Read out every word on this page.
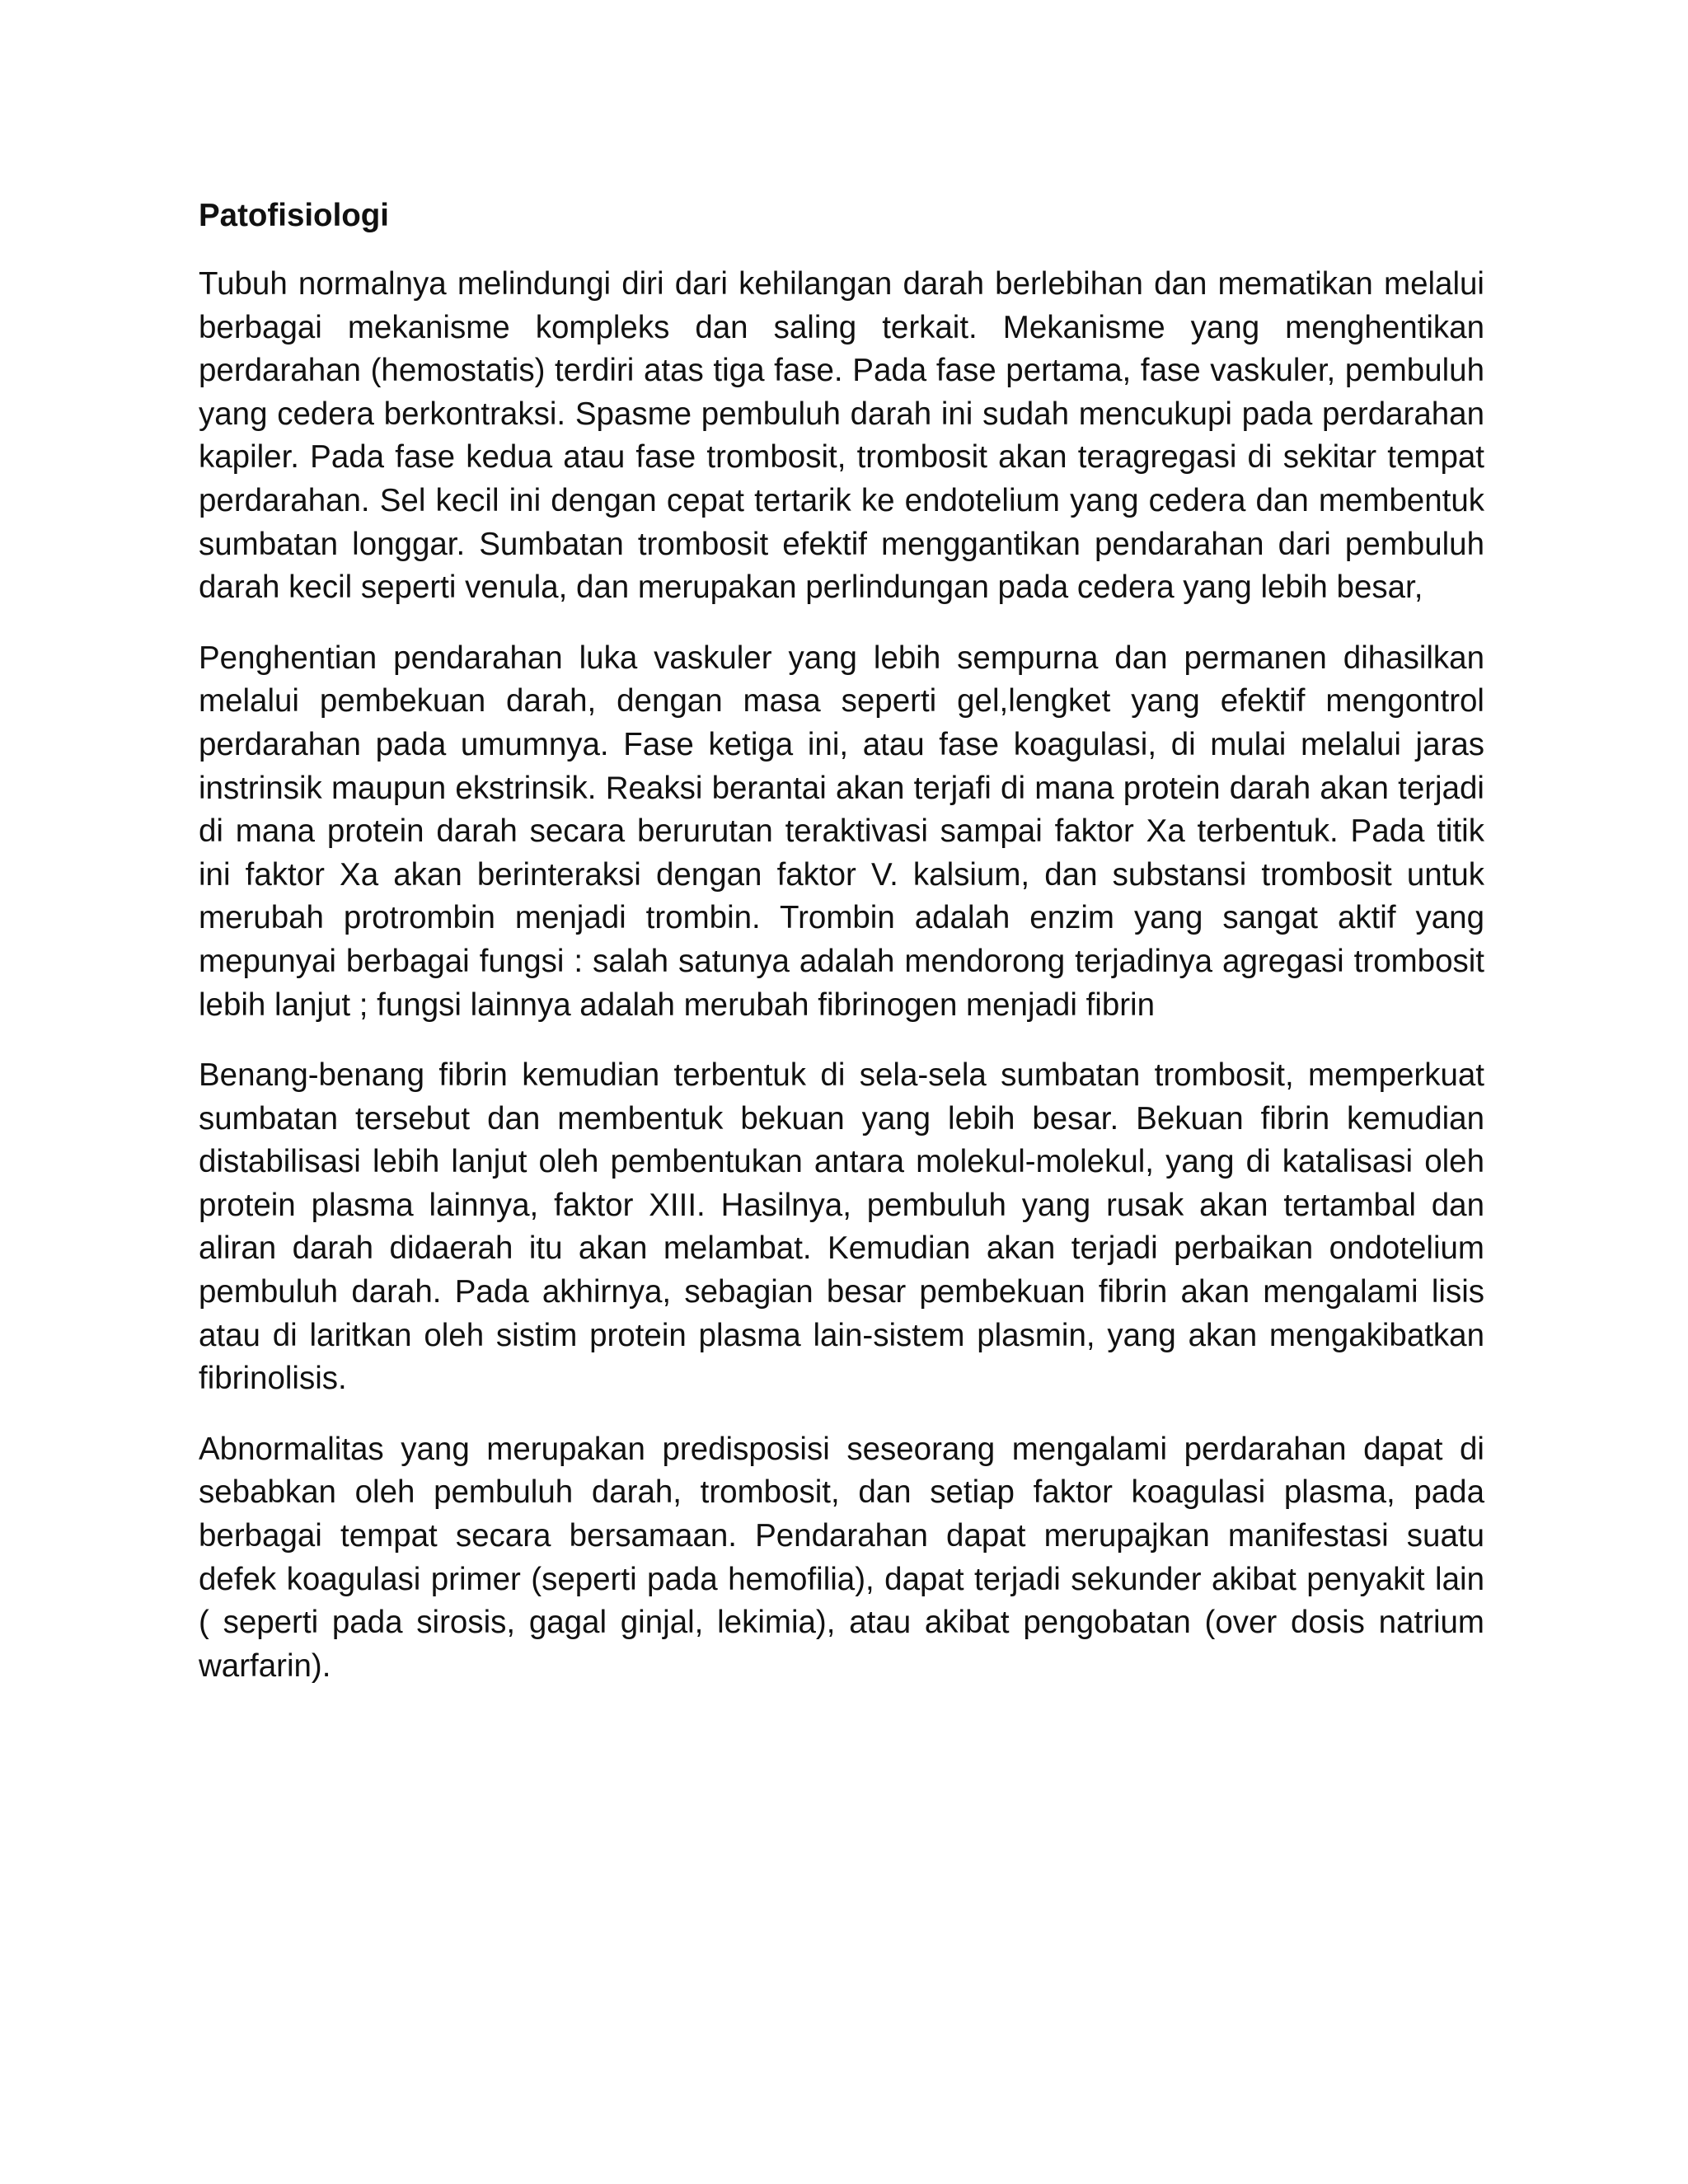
Patofisiologi

Tubuh normalnya melindungi diri dari kehilangan darah berlebihan dan mematikan melalui berbagai mekanisme kompleks dan saling terkait. Mekanisme yang menghentikan perdarahan (hemostatis) terdiri atas tiga fase. Pada fase pertama, fase vaskuler, pembuluh yang cedera berkontraksi. Spasme pembuluh darah ini sudah mencukupi pada perdarahan kapiler. Pada fase kedua atau fase trombosit, trombosit akan teragregasi di sekitar tempat perdarahan. Sel kecil ini dengan cepat tertarik ke endotelium yang cedera dan membentuk sumbatan longgar. Sumbatan trombosit efektif menggantikan pendarahan dari pembuluh darah kecil seperti venula, dan merupakan perlindungan pada cedera yang lebih besar,

Penghentian pendarahan luka vaskuler yang lebih sempurna dan permanen dihasilkan melalui pembekuan darah, dengan masa seperti gel,lengket yang efektif mengontrol perdarahan pada umumnya. Fase ketiga ini, atau fase koagulasi, di mulai melalui jaras instrinsik maupun ekstrinsik. Reaksi berantai akan terjafi di mana protein darah akan terjadi di mana protein darah secara berurutan teraktivasi sampai faktor Xa terbentuk. Pada titik ini faktor Xa akan berinteraksi dengan faktor V. kalsium, dan substansi trombosit untuk merubah protrombin menjadi trombin. Trombin adalah enzim yang sangat aktif yang mepunyai berbagai fungsi : salah satunya adalah mendorong terjadinya agregasi trombosit lebih lanjut ; fungsi lainnya adalah merubah fibrinogen menjadi fibrin

Benang-benang fibrin kemudian terbentuk di sela-sela sumbatan trombosit, memperkuat sumbatan tersebut dan membentuk bekuan yang lebih besar. Bekuan fibrin kemudian distabilisasi lebih lanjut oleh pembentukan antara molekul-molekul, yang di katalisasi oleh protein plasma lainnya, faktor XIII. Hasilnya, pembuluh yang rusak akan tertambal dan aliran darah didaerah itu akan melambat. Kemudian akan terjadi perbaikan ondotelium pembuluh darah. Pada akhirnya, sebagian besar pembekuan fibrin akan mengalami lisis atau di laritkan oleh sistim protein plasma lain-sistem plasmin, yang akan mengakibatkan fibrinolisis.

Abnormalitas yang merupakan predisposisi seseorang mengalami perdarahan dapat di sebabkan oleh pembuluh darah, trombosit, dan setiap faktor koagulasi plasma, pada berbagai tempat secara bersamaan. Pendarahan dapat merupajkan manifestasi suatu defek koagulasi primer (seperti pada hemofilia), dapat terjadi sekunder akibat penyakit lain ( seperti pada sirosis, gagal ginjal, lekimia), atau akibat pengobatan (over dosis natrium warfarin).
